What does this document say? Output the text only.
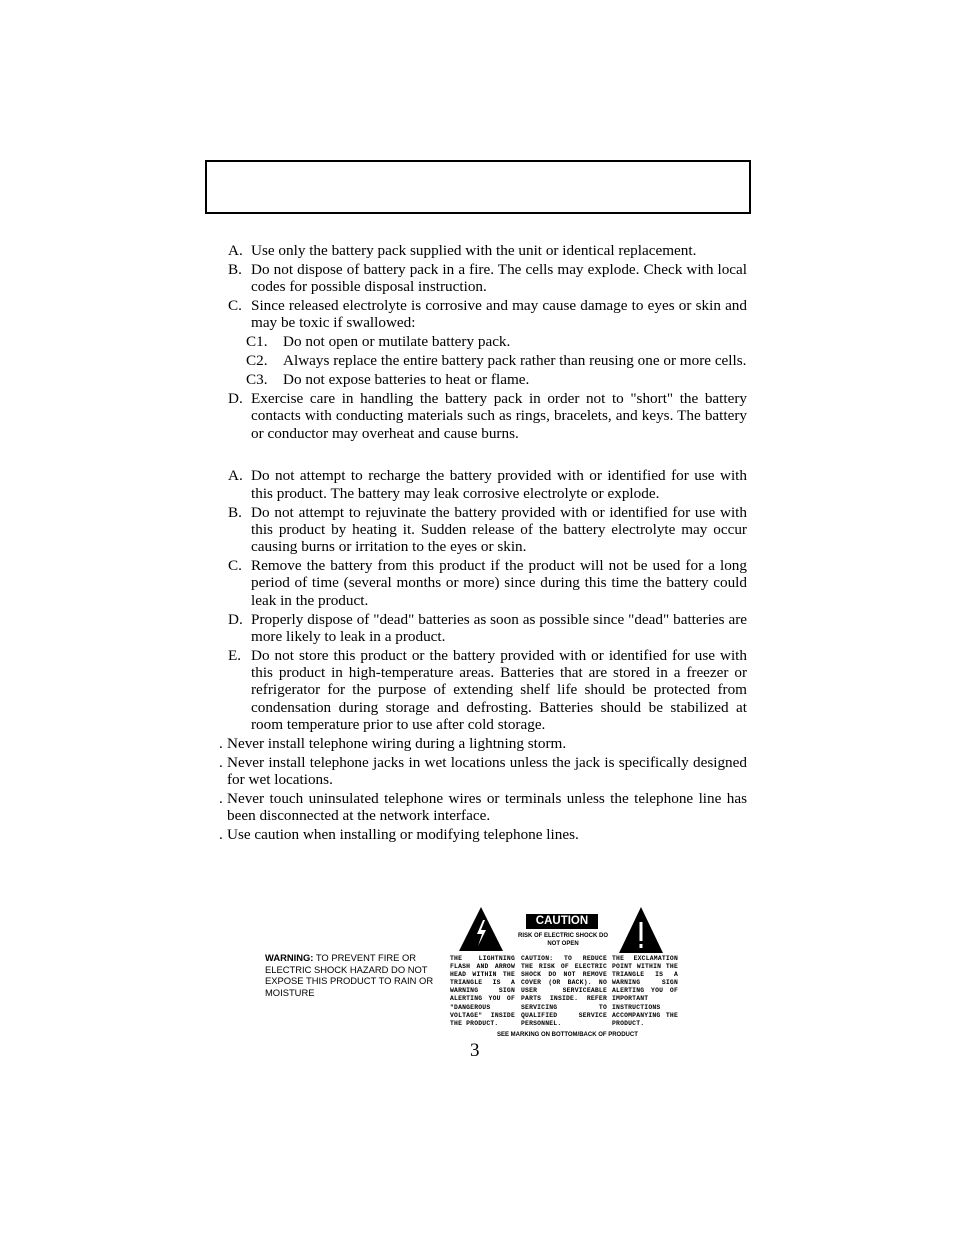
A. Use only the battery pack supplied with the unit or identical replacement.
B. Do not dispose of battery pack in a fire. The cells may explode. Check with local codes for possible disposal instruction.
C. Since released electrolyte is corrosive and may cause damage to eyes or skin and may be toxic if swallowed:
C1. Do not open or mutilate battery pack.
C2. Always replace the entire battery pack rather than reusing one or more cells.
C3. Do not expose batteries to heat or flame.
D. Exercise care in handling the battery pack in order not to "short" the battery contacts with conducting materials such as rings, bracelets, and keys. The battery or conductor may overheat and cause burns.
A. Do not attempt to recharge the battery provided with or identified for use with this product. The battery may leak corrosive electrolyte or explode.
B. Do not attempt to rejuvinate the battery provided with or identified for use with this product by heating it. Sudden release of the battery electrolyte may occur causing burns or irritation to the eyes or skin.
C. Remove the battery from this product if the product will not be used for a long period of time (several months or more) since during this time the battery could leak in the product.
D. Properly dispose of "dead" batteries as soon as possible since "dead" batteries are more likely to leak in a product.
E. Do not store this product or the battery provided with or identified for use with this product in high-temperature areas. Batteries that are stored in a freezer or refrigerator for the purpose of extending shelf life should be protected from condensation during storage and defrosting. Batteries should be stabilized at room temperature prior to use after cold storage.
. Never install telephone wiring during a lightning storm.
. Never install telephone jacks in wet locations unless the jack is specifically designed for wet locations.
. Never touch uninsulated telephone wires or terminals unless the telephone line has been disconnected at the network interface.
. Use caution when installing or modifying telephone lines.
WARNING: TO PREVENT FIRE OR ELECTRIC SHOCK HAZARD DO NOT EXPOSE THIS PRODUCT TO RAIN OR MOISTURE
CAUTION
RISK OF ELECTRIC SHOCK DO NOT OPEN
THE LIGHTNING FLASH AND ARROW HEAD WITHIN THE TRIANGLE IS A WARNING SIGN ALERTING YOU OF "DANGEROUS VOLTAGE" INSIDE THE PRODUCT.
CAUTION: TO REDUCE THE RISK OF ELECTRIC SHOCK DO NOT REMOVE COVER (OR BACK). NO USER SERVICEABLE PARTS INSIDE. REFER SERVICING TO QUALIFIED SERVICE PERSONNEL.
THE EXCLAMATION POINT WITHIN THE TRIANGLE IS A WARNING SIGN ALERTING YOU OF IMPORTANT INSTRUCTIONS ACCOMPANYING THE PRODUCT.
SEE MARKING ON BOTTOM/BACK OF PRODUCT
3
